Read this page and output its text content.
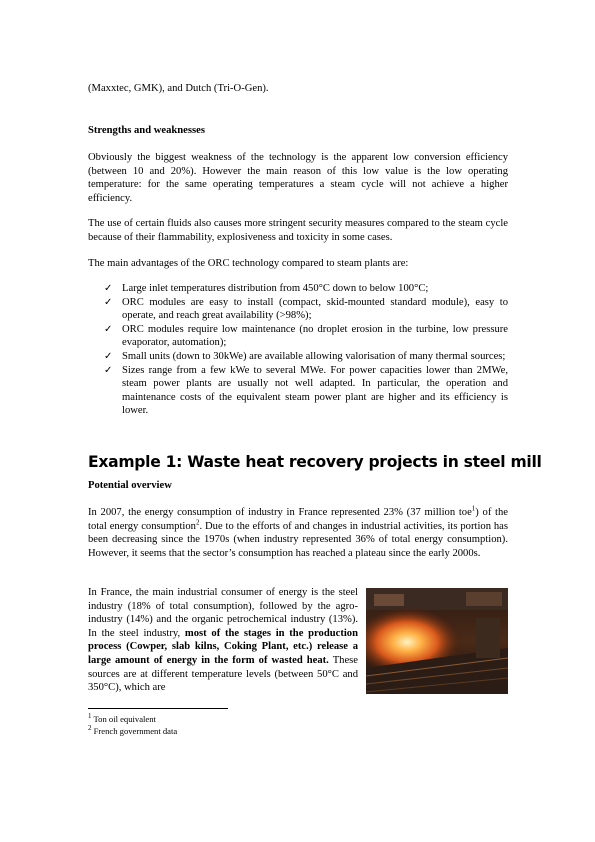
(Maxxtec, GMK), and Dutch (Tri-O-Gen).

Strengths and weaknesses

Obviously the biggest weakness of the technology is the apparent low conversion efficiency (between 10 and 20%). However the main reason of this low value is the low operating temperature: for the same operating temperatures a steam cycle will not achieve a higher efficiency.

The use of certain fluids also causes more stringent security measures compared to the steam cycle because of their flammability, explosiveness and toxicity in some cases.

The main advantages of the ORC technology compared to steam plants are:

✓ Large inlet temperatures distribution from 450°C down to below 100°C;
✓ ORC modules are easy to install (compact, skid-mounted standard module), easy to operate, and reach great availability (>98%);
✓ ORC modules require low maintenance (no droplet erosion in the turbine, low pressure evaporator, automation);
✓ Small units (down to 30kWe) are available allowing valorisation of many thermal sources;
✓ Sizes range from a few kWe to several MWe. For power capacities lower than 2MWe, steam power plants are usually not well adapted. In particular, the operation and maintenance costs of the equivalent steam power plant are higher and its efficiency is lower.
Example 1: Waste heat recovery projects in steel mill

Potential overview

In 2007, the energy consumption of industry in France represented 23% (37 million toe$^1$) of the total energy consumption$^2$. Due to the efforts of and changes in industrial activities, its portion has been decreasing since the 1970s (when industry represented 36% of total energy consumption). However, it seems that the sector’s consumption has reached a plateau since the early 2000s.

In France, the main industrial consumer of energy is the steel industry (18% of total consumption), followed by the agro-industry (14%) and the organic petrochemical industry (13%). In the steel industry, most of the stages in the production process (Cowper, slab kilns, Coking Plant, etc.) release a large amount of energy in the form of wasted heat. These sources are at different temperature levels (between 50°C and 350°C), which are

$^1$ Ton oil equivalent

$^2$ French government data
